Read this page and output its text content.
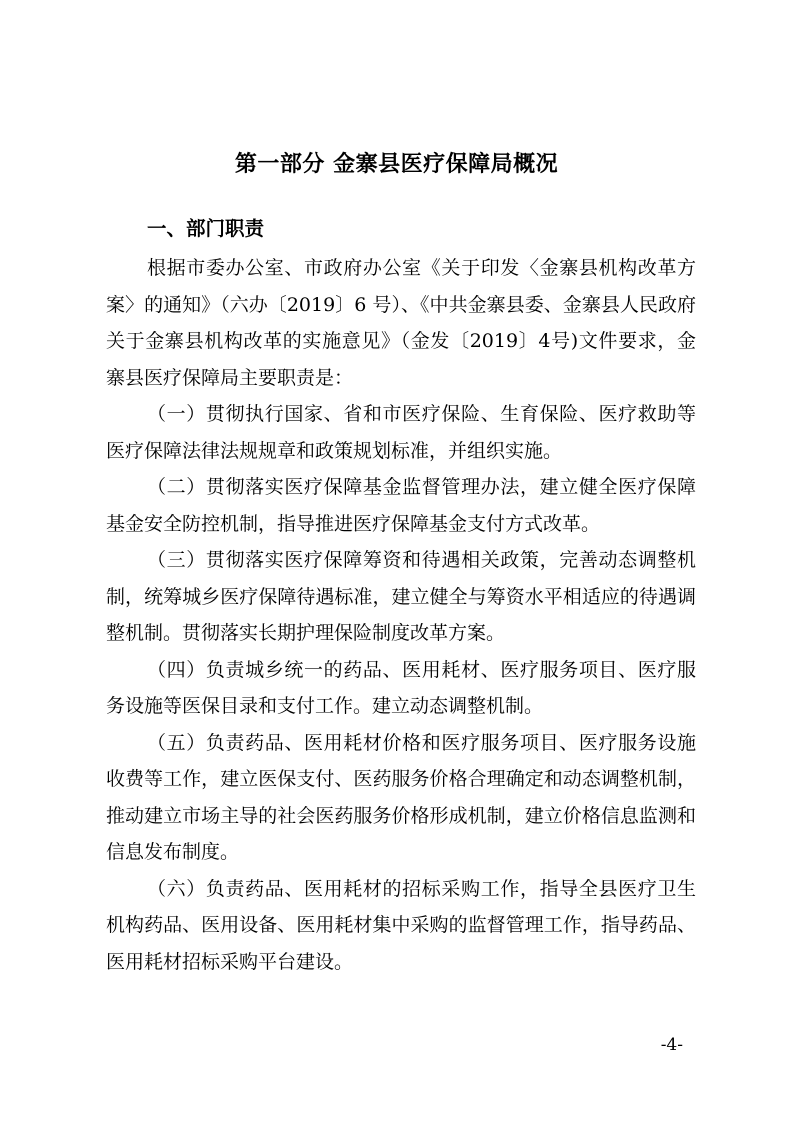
第一部分 金寨县医疗保障局概况
一、部门职责

根据市委办公室、市政府办公室《关于印发〈金寨县机构改革方案〉的通知》（六办〔2019〕6 号）、《中共金寨县委、金寨县人民政府关于金寨县机构改革的实施意见》（金发〔2019〕4号)文件要求，金寨县医疗保障局主要职责是：

（一）贯彻执行国家、省和市医疗保险、生育保险、医疗救助等医疗保障法律法规规章和政策规划标准，并组织实施。

（二）贯彻落实医疗保障基金监督管理办法，建立健全医疗保障基金安全防控机制，指导推进医疗保障基金支付方式改革。

（三）贯彻落实医疗保障筹资和待遇相关政策，完善动态调整机制，统筹城乡医疗保障待遇标准，建立健全与筹资水平相适应的待遇调整机制。贯彻落实长期护理保险制度改革方案。

（四）负责城乡统一的药品、医用耗材、医疗服务项目、医疗服务设施等医保目录和支付工作。建立动态调整机制。

（五）负责药品、医用耗材价格和医疗服务项目、医疗服务设施收费等工作，建立医保支付、医药服务价格合理确定和动态调整机制，推动建立市场主导的社会医药服务价格形成机制，建立价格信息监测和信息发布制度。

（六）负责药品、医用耗材的招标采购工作，指导全县医疗卫生机构药品、医用设备、医用耗材集中采购的监督管理工作，指导药品、医用耗材招标采购平台建设。

-4-
